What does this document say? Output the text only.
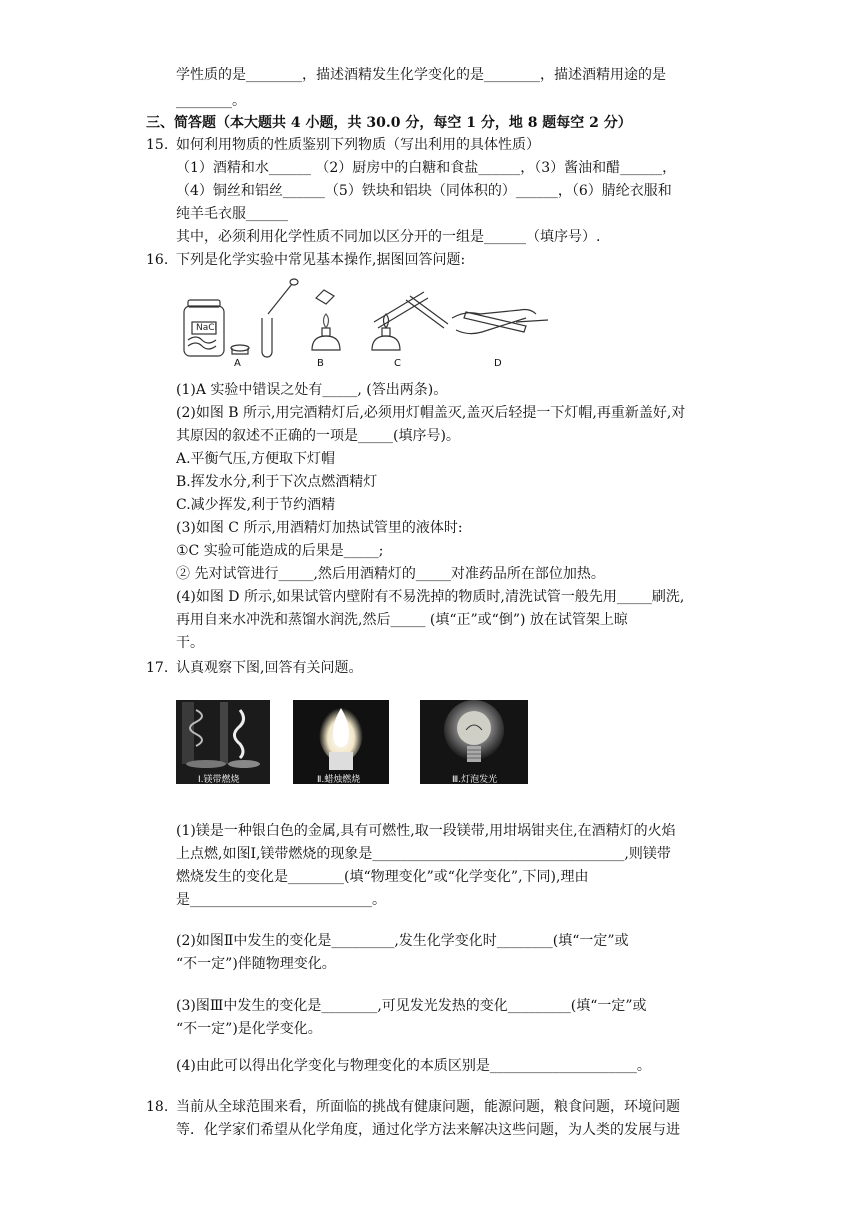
学性质的是________，描述酒精发生化学变化的是________，描述酒精用途的是
________。
三、简答题（本大题共 4 小题，共 30.0 分，每空 1 分，地 8 题每空 2 分）
15. 如何利用物质的性质鉴别下列物质（写出利用的具体性质）
（1）酒精和水______ （2）厨房中的白糖和食盐______，（3）酱油和醋______，
（4）铜丝和铝丝______（5）铁块和铝块（同体积的）______，（6）腈纶衣服和
纯羊毛衣服______
其中，必须利用化学性质不同加以区分开的一组是______（填序号）.
16. 下列是化学实验中常见基本操作,据图回答问题:
NaCl
A	B	C	D
(1)A 实验中错误之处有_____, (答出两条)。
(2)如图 B 所示,用完酒精灯后,必须用灯帽盖灭,盖灭后轻提一下灯帽,再重新盖好,对
其原因的叙述不正确的一项是_____(填序号)。
A.平衡气压,方便取下灯帽
B.挥发水分,利于下次点燃酒精灯
C.减少挥发,利于节约酒精
(3)如图 C 所示,用酒精灯加热试管里的液体时:
①C 实验可能造成的后果是_____;
② 先对试管进行_____,然后用酒精灯的_____对准药品所在部位加热。
(4)如图 D 所示,如果试管内壁附有不易洗掉的物质时,清洗试管一般先用_____刷洗,
再用自来水冲洗和蒸馏水润洗,然后_____ (填“正”或“倒”) 放在试管架上晾
干。
17. 认真观察下图,回答有关问题。
Ⅰ.镁带燃烧	Ⅱ.蜡烛燃烧	Ⅲ.灯泡发光
(1)镁是一种银白色的金属,具有可燃性,取一段镁带,用坩埚钳夹住,在酒精灯的火焰
上点燃,如图Ⅰ,镁带燃烧的现象是____________________________________,则镁带
燃烧发生的变化是________(填“物理变化”或“化学变化”,下同),理由
是__________________________。
(2)如图Ⅱ中发生的变化是_________,发生化学变化时________(填“一定”或
“不一定”)伴随物理变化。
(3)图Ⅲ中发生的变化是________,可见发光发热的变化_________(填“一定”或
“不一定”)是化学变化。
(4)由此可以得出化学变化与物理变化的本质区别是_____________________。
18. 当前从全球范围来看，所面临的挑战有健康问题，能源问题，粮食问题，环境问题
等．化学家们希望从化学角度，通过化学方法来解决这些问题，为人类的发展与进
